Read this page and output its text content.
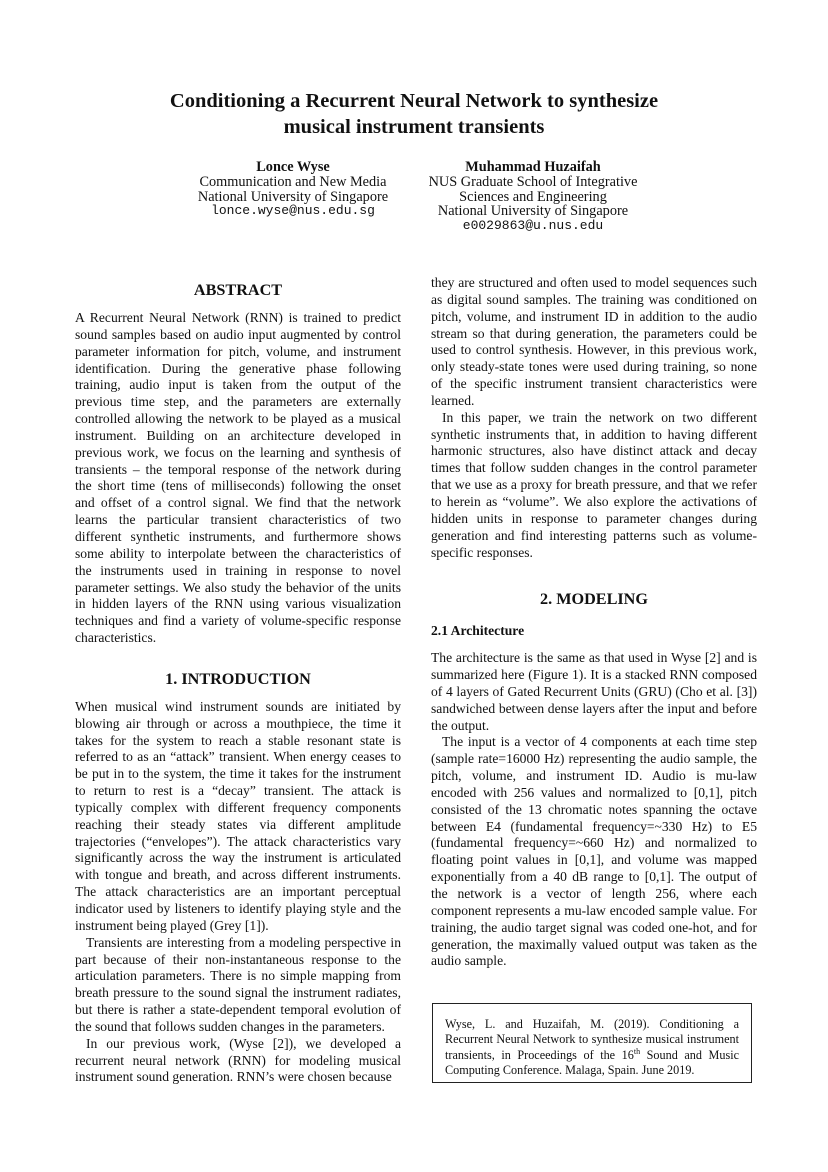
Conditioning a Recurrent Neural Network to synthesize
musical instrument transients
Lonce Wyse
Communication and New Media
National University of Singapore
lonce.wyse@nus.edu.sg
Muhammad Huzaifah
NUS Graduate School of Integrative
Sciences and Engineering
National University of Singapore
e0029863@u.nus.edu
ABSTRACT

A Recurrent Neural Network (RNN) is trained to predict sound samples based on audio input augmented by control parameter information for pitch, volume, and instrument identification. During the generative phase following training, audio input is taken from the output of the previous time step, and the parameters are externally controlled allowing the network to be played as a musical instrument. Building on an architecture developed in previous work, we focus on the learning and synthesis of transients – the temporal response of the network during the short time (tens of milliseconds) following the onset and offset of a control signal. We find that the network learns the particular transient characteristics of two different synthetic instruments, and furthermore shows some ability to interpolate between the characteristics of the instruments used in training in response to novel parameter settings. We also study the behavior of the units in hidden layers of the RNN using various visualization techniques and find a variety of volume-specific response characteristics.

1. INTRODUCTION

When musical wind instrument sounds are initiated by blowing air through or across a mouthpiece, the time it takes for the system to reach a stable resonant state is referred to as an “attack” transient. When energy ceases to be put in to the system, the time it takes for the instrument to return to rest is a “decay” transient. The attack is typically complex with different frequency components reaching their steady states via different amplitude trajectories (“envelopes”). The attack characteristics vary significantly across the way the instrument is articulated with tongue and breath, and across different instruments. The attack characteristics are an important perceptual indicator used by listeners to identify playing style and the instrument being played (Grey [1]).

Transients are interesting from a modeling perspective in part because of their non-instantaneous response to the articulation parameters. There is no simple mapping from breath pressure to the sound signal the instrument radiates, but there is rather a state-dependent temporal evolution of the sound that follows sudden changes in the parameters.

In our previous work, (Wyse [2]), we developed a recurrent neural network (RNN) for modeling musical instrument sound generation. RNN’s were chosen because

they are structured and often used to model sequences such as digital sound samples. The training was conditioned on pitch, volume, and instrument ID in addition to the audio stream so that during generation, the parameters could be used to control synthesis. However, in this previous work, only steady-state tones were used during training, so none of the specific instrument transient characteristics were learned.

In this paper, we train the network on two different synthetic instruments that, in addition to having different harmonic structures, also have distinct attack and decay times that follow sudden changes in the control parameter that we use as a proxy for breath pressure, and that we refer to herein as “volume”. We also explore the activations of hidden units in response to parameter changes during generation and find interesting patterns such as volume-specific responses.

2. MODELING
2.1 Architecture

The architecture is the same as that used in Wyse [2] and is summarized here (Figure 1). It is a stacked RNN composed of 4 layers of Gated Recurrent Units (GRU) (Cho et al. [3]) sandwiched between dense layers after the input and before the output.

The input is a vector of 4 components at each time step (sample rate=16000 Hz) representing the audio sample, the pitch, volume, and instrument ID. Audio is mu-law encoded with 256 values and normalized to [0,1], pitch consisted of the 13 chromatic notes spanning the octave between E4 (fundamental frequency=~330 Hz) to E5 (fundamental frequency=~660 Hz) and normalized to floating point values in [0,1], and volume was mapped exponentially from a 40 dB range to [0,1]. The output of the network is a vector of length 256, where each component represents a mu-law encoded sample value. For training, the audio target signal was coded one-hot, and for generation, the maximally valued output was taken as the audio sample.

Wyse, L. and Huzaifah, M. (2019). Conditioning a Recurrent Neural Network to synthesize musical instrument transients, in Proceedings of the 16th Sound and Music Computing Conference. Malaga, Spain. June 2019.
